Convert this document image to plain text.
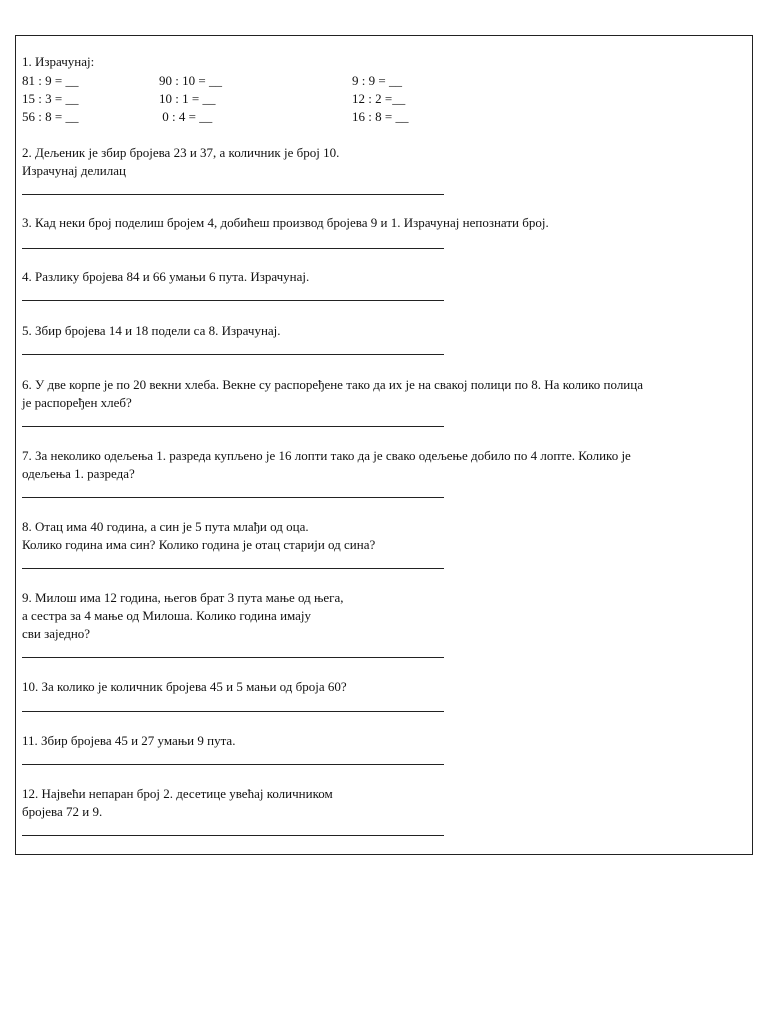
1. Израчунај:
81 : 9 = __	90 : 10 = __	9 : 9 = __
15 : 3 = __	10 : 1 = __	12 : 2 =__
56 : 8 = __	0 : 4 = __	16 : 8 = __
2. Дељеник је збир бројева 23 и 37, а количник је број 10.
Израчунај делилац
3. Кад неки број поделиш бројем 4, добићеш производ бројева 9 и 1. Израчунај непознати број.
4. Разлику бројева 84 и 66 умањи 6 пута. Израчунај.
5. Збир бројева 14 и 18 подели са 8. Израчунај.
6. У две корпе је по 20 векни хлеба. Векне су распоређене тако да их је на свакој полици по 8. На колико полица
је распоређен хлеб?
7. За неколико одељења 1. разреда купљено је 16 лопти тако да је свако одељење добило по 4 лопте. Колико је
одељења 1. разреда?
8. Отац има 40 година, а син је 5 пута млађи од оца.
Колико година има син? Колико година је отац старији од сина?
9. Милош има 12 година, његов брат 3 пута мање од њега,
а сестра за 4 мање од Милоша. Колико година имају
сви заједно?
10. За колико је количник бројева 45 и 5 мањи од броја 60?
11. Збир бројева 45 и 27 умањи 9 пута.
12. Највећи непаран број 2. десетице увећај количником
бројева 72 и 9.
